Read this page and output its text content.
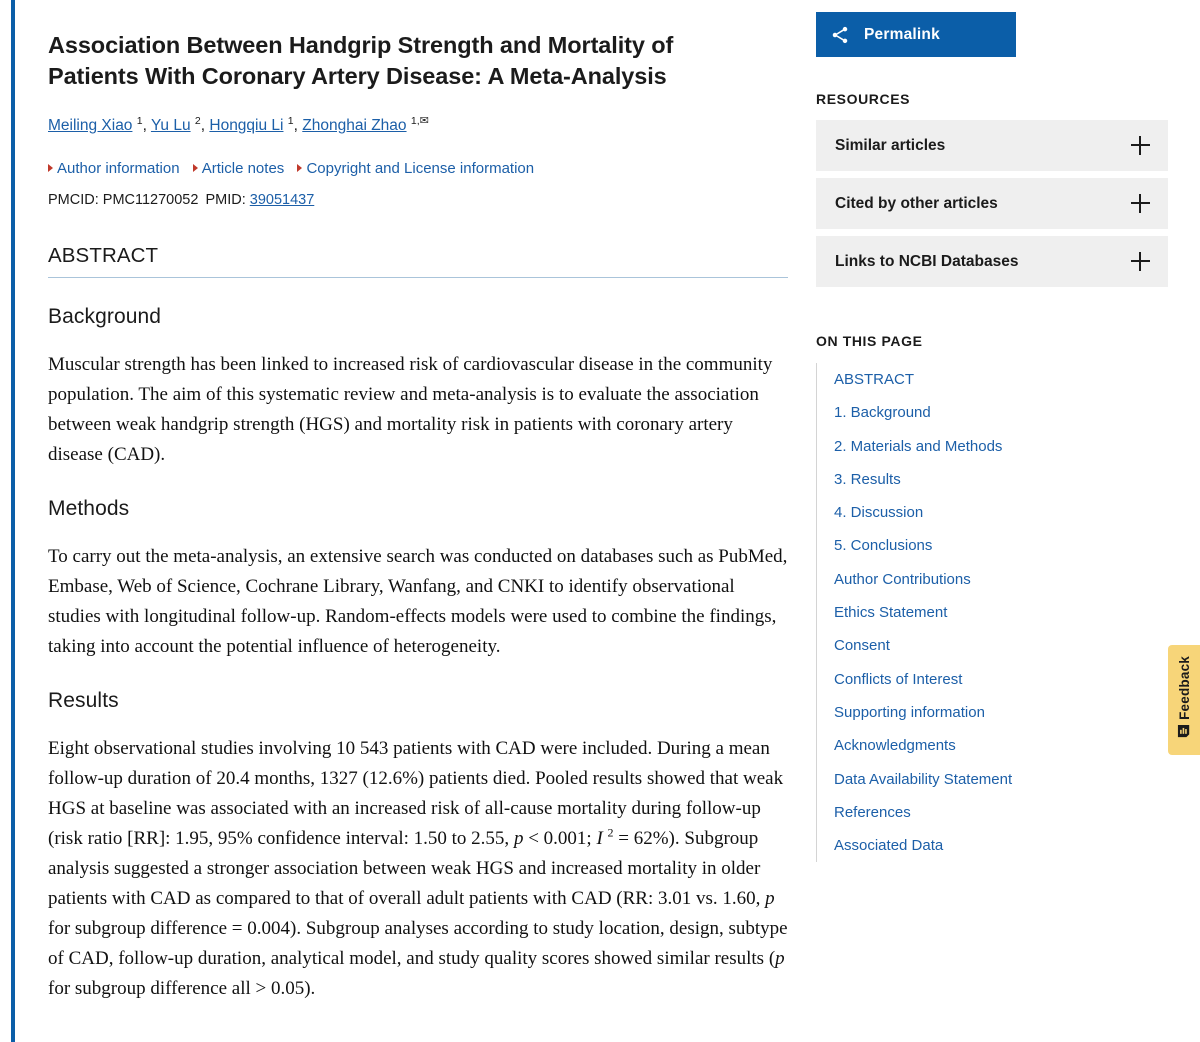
Association Between Handgrip Strength and Mortality of Patients With Coronary Artery Disease: A Meta-Analysis
Meiling Xiao $^1$, Yu Lu $^2$, Hongqiu Li $^1$, Zhonghai Zhao $^{1,✉}$
Author information Article notes Copyright and License information
PMCID: PMC11270052 PMID: 39051437
ABSTRACT
Background

Muscular strength has been linked to increased risk of cardiovascular disease in the community population. The aim of this systematic review and meta-analysis is to evaluate the association between weak handgrip strength (HGS) and mortality risk in patients with coronary artery disease (CAD).

Methods

To carry out the meta-analysis, an extensive search was conducted on databases such as PubMed, Embase, Web of Science, Cochrane Library, Wanfang, and CNKI to identify observational studies with longitudinal follow-up. Random-effects models were used to combine the findings, taking into account the potential influence of heterogeneity.

Results

Eight observational studies involving 10 543 patients with CAD were included. During a mean follow-up duration of 20.4 months, 1327 (12.6%) patients died. Pooled results showed that weak HGS at baseline was associated with an increased risk of all-cause mortality during follow-up (risk ratio [RR]: 1.95, 95% confidence interval: 1.50 to 2.55, p < 0.001; I $^2$ = 62%). Subgroup analysis suggested a stronger association between weak HGS and increased mortality in older patients with CAD as compared to that of overall adult patients with CAD (RR: 3.01 vs. 1.60, p for subgroup difference = 0.004). Subgroup analyses according to study location, design, subtype of CAD, follow-up duration, analytical model, and study quality scores showed similar results (p for subgroup difference all > 0.05).

Permalink
RESOURCES
Similar articles
Cited by other articles
Links to NCBI Databases
ON THIS PAGE
ABSTRACT
1. Background
2. Materials and Methods
3. Results
4. Discussion
5. Conclusions
Author Contributions
Ethics Statement
Consent
Conflicts of Interest
Supporting information
Acknowledgments
Data Availability Statement
References
Associated Data
Feedback
